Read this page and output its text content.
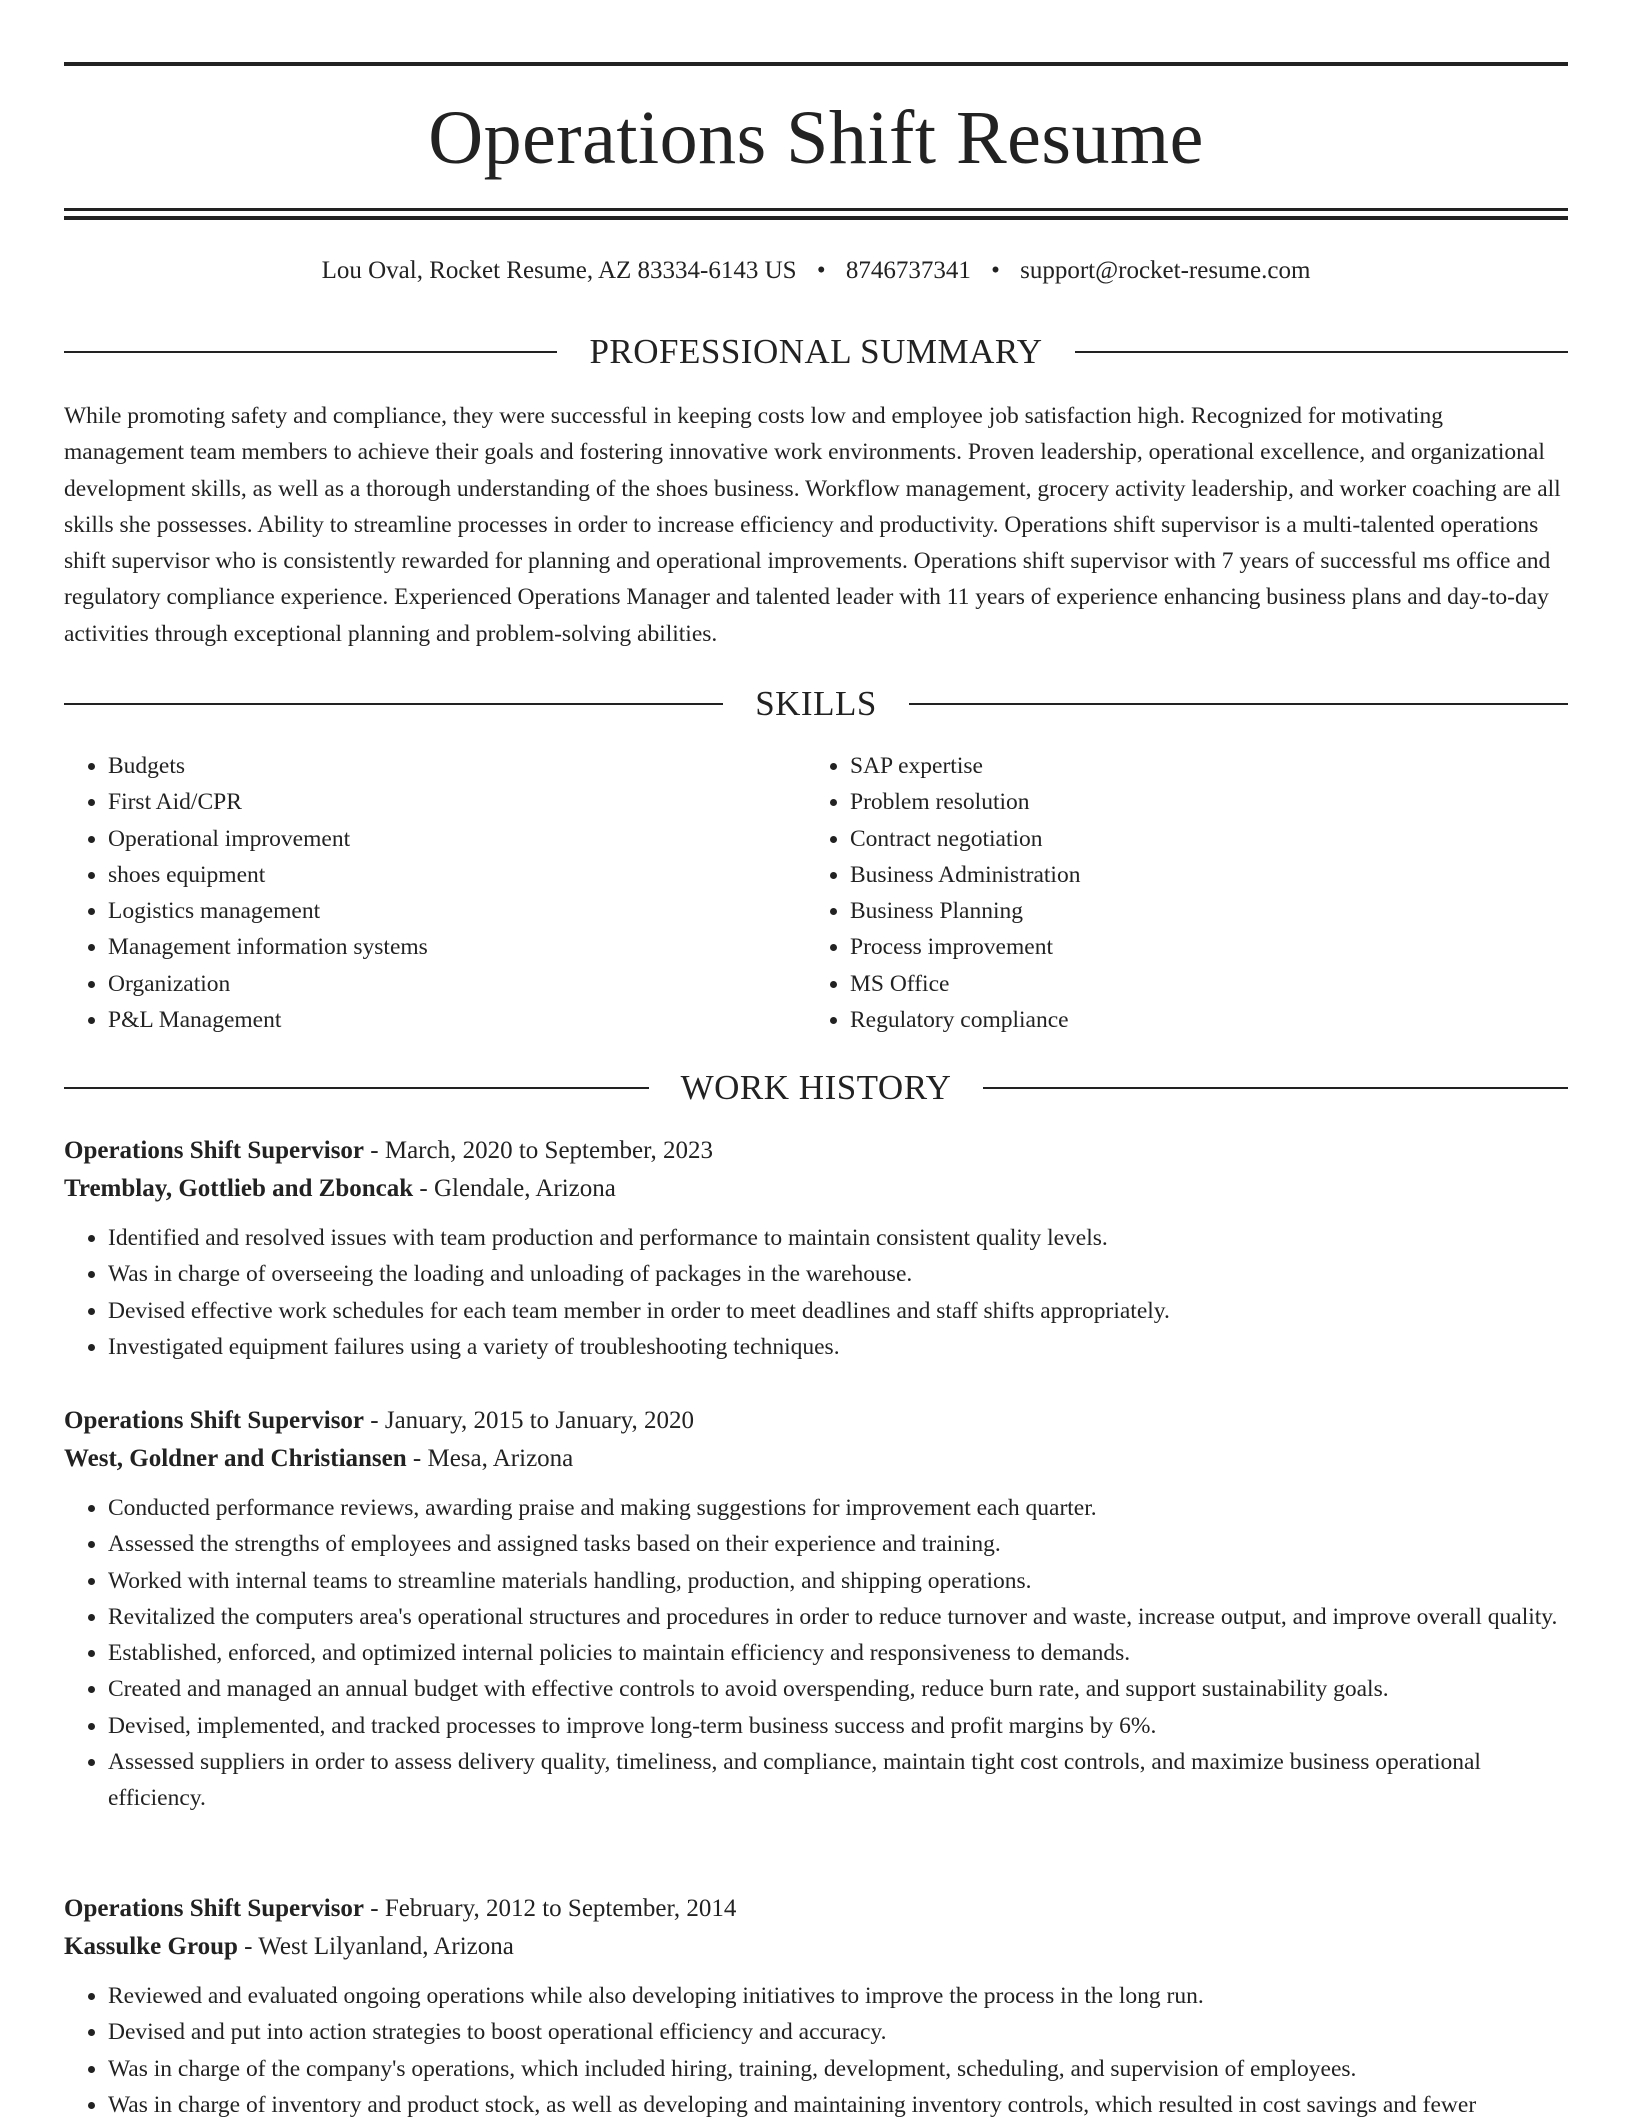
Operations Shift Resume
Lou Oval, Rocket Resume, AZ 83334-6143 US • 8746737341 • support@rocket-resume.com
PROFESSIONAL SUMMARY

While promoting safety and compliance, they were successful in keeping costs low and employee job satisfaction high. Recognized for motivating management team members to achieve their goals and fostering innovative work environments. Proven leadership, operational excellence, and organizational development skills, as well as a thorough understanding of the shoes business. Workflow management, grocery activity leadership, and worker coaching are all skills she possesses. Ability to streamline processes in order to increase efficiency and productivity. Operations shift supervisor is a multi-talented operations shift supervisor who is consistently rewarded for planning and operational improvements. Operations shift supervisor with 7 years of successful ms office and regulatory compliance experience. Experienced Operations Manager and talented leader with 11 years of experience enhancing business plans and day-to-day activities through exceptional planning and problem-solving abilities.

SKILLS
• Budgets
• First Aid/CPR
• Operational improvement
• shoes equipment
• Logistics management
• Management information systems
• Organization
• P&L Management
• SAP expertise
• Problem resolution
• Contract negotiation
• Business Administration
• Business Planning
• Process improvement
• MS Office
• Regulatory compliance
WORK HISTORY
Operations Shift Supervisor - March, 2020 to September, 2023
Tremblay, Gottlieb and Zboncak - Glendale, Arizona
• Identified and resolved issues with team production and performance to maintain consistent quality levels.
• Was in charge of overseeing the loading and unloading of packages in the warehouse.
• Devised effective work schedules for each team member in order to meet deadlines and staff shifts appropriately.
• Investigated equipment failures using a variety of troubleshooting techniques.
Operations Shift Supervisor - January, 2015 to January, 2020
West, Goldner and Christiansen - Mesa, Arizona
• Conducted performance reviews, awarding praise and making suggestions for improvement each quarter.
• Assessed the strengths of employees and assigned tasks based on their experience and training.
• Worked with internal teams to streamline materials handling, production, and shipping operations.
• Revitalized the computers area's operational structures and procedures in order to reduce turnover and waste, increase output, and improve overall quality.
• Established, enforced, and optimized internal policies to maintain efficiency and responsiveness to demands.
• Created and managed an annual budget with effective controls to avoid overspending, reduce burn rate, and support sustainability goals.
• Devised, implemented, and tracked processes to improve long-term business success and profit margins by 6%.
• Assessed suppliers in order to assess delivery quality, timeliness, and compliance, maintain tight cost controls, and maximize business operational efficiency.
Operations Shift Supervisor - February, 2012 to September, 2014
Kassulke Group - West Lilyanland, Arizona
• Reviewed and evaluated ongoing operations while also developing initiatives to improve the process in the long run.
• Devised and put into action strategies to boost operational efficiency and accuracy.
• Was in charge of the company's operations, which included hiring, training, development, scheduling, and supervision of employees.
• Was in charge of inventory and product stock, as well as developing and maintaining inventory controls, which resulted in cost savings and fewer
